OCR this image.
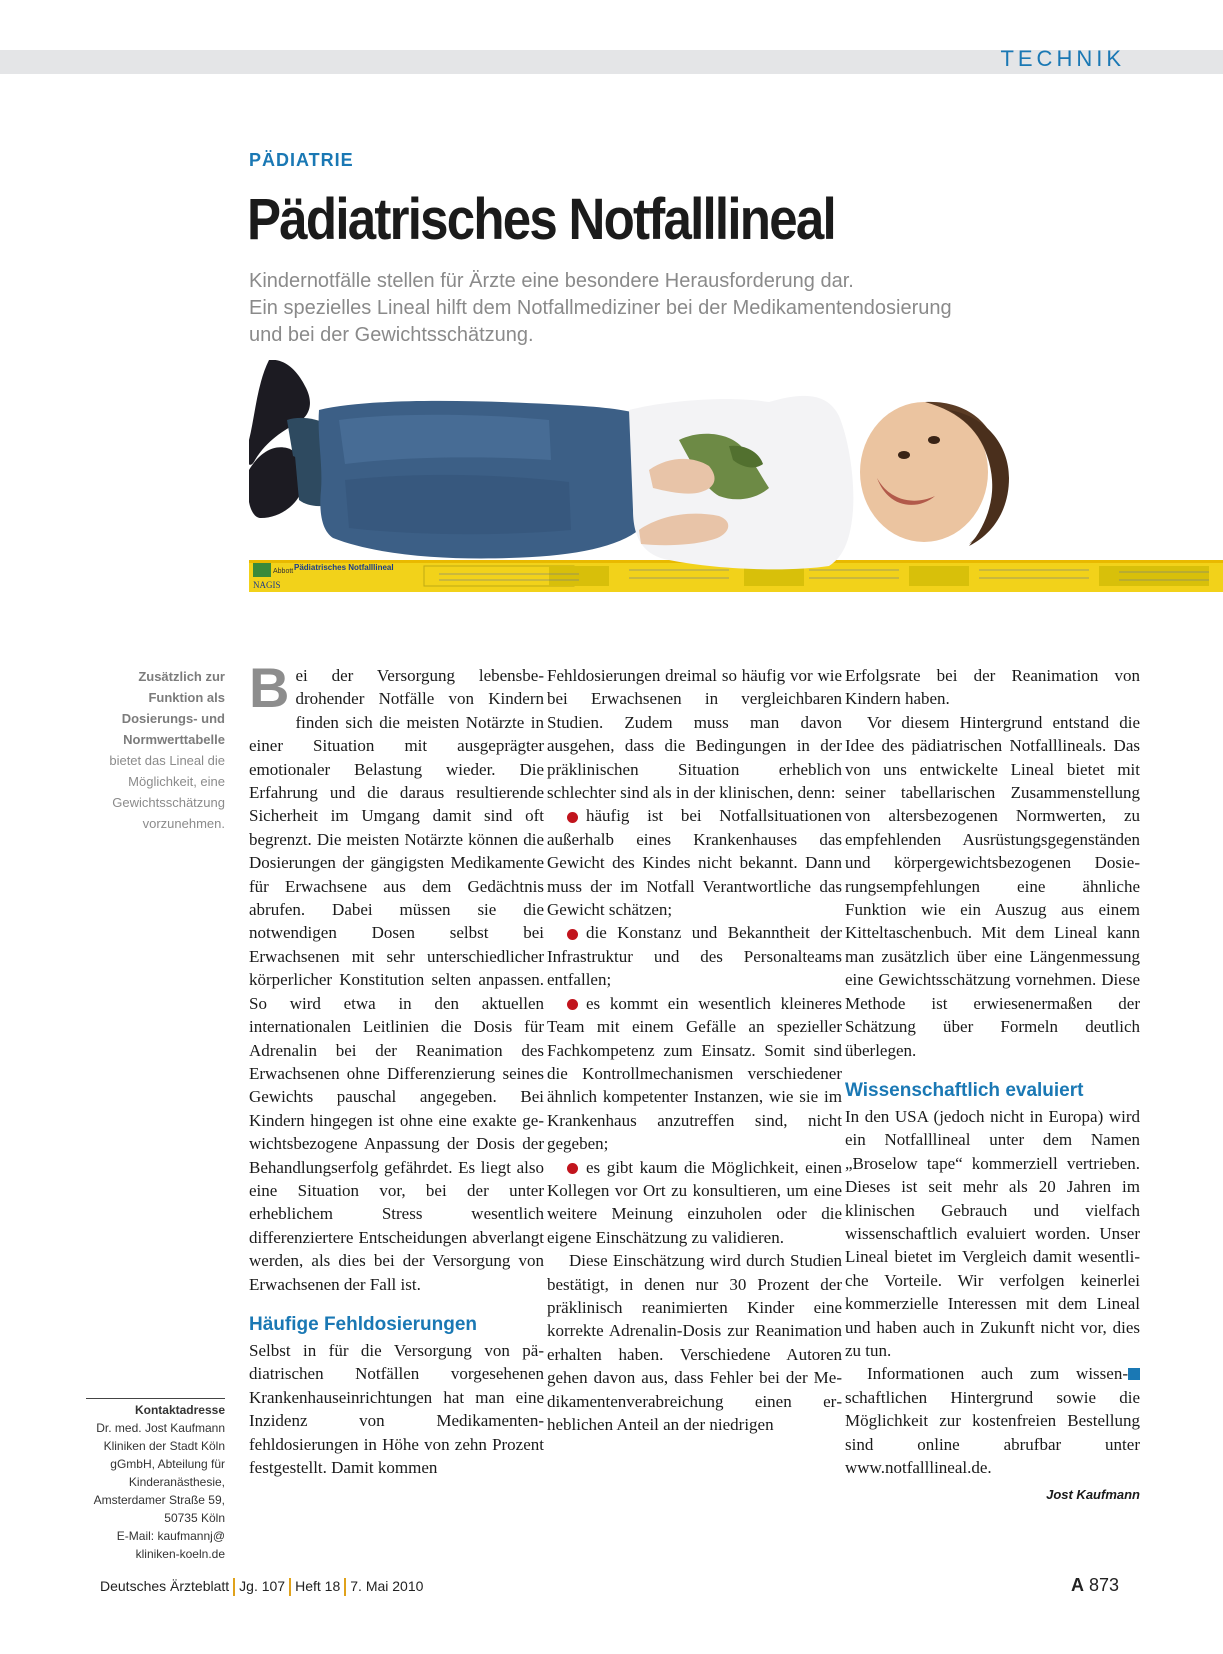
TECHNIK
PÄDIATRIE
Pädiatrisches Notfalllineal
Kindernotfälle stellen für Ärzte eine besondere Herausforderung dar.
Ein spezielles Lineal hilft dem Notfallmediziner bei der Medikamentendosierung
und bei der Gewichtsschätzung.
Abbott Pädiatrisches Notfalllineal
NAGIS
Zusätzlich zur
Funktion als
Dosierungs- und
Normwerttabelle
bietet das Lineal die
Möglichkeit, eine
Gewichtsschätzung
vorzunehmen.
Kontaktadresse
Dr. med. Jost Kaufmann
Kliniken der Stadt Köln
gGmbH, Abteilung für
Kinderanästhesie,
Amsterdamer Straße 59,
50735 Köln
E-Mail: kaufmannj@
kliniken-koeln.de

Bei der Versorgung lebensbedrohender Notfälle von Kindern finden sich die meisten Notärzte in einer Situation mit ausgeprägter emotionaler Belastung wieder. Die Erfahrung und die daraus resultierende Sicherheit im Umgang damit sind oft begrenzt. Die meisten Notärzte können die Dosierungen der gängigsten Medikamente für Erwachsene aus dem Gedächtnis abrufen. Dabei müssen sie die notwendigen Dosen selbst bei Erwachsenen mit sehr unterschiedlicher körperlicher Konstitution selten anpassen. So wird etwa in den aktuellen internationalen Leitlinien die Dosis für Adrenalin bei der Reanimation des Erwachsenen ohne Differenzierung seines Gewichts pauschal angegeben. Bei Kindern hingegen ist ohne eine exakte gewichtsbezogene Anpassung der Dosis der Behandlungserfolg gefährdet. Es liegt also eine Situation vor, bei der unter erheblichem Stress wesentlich differenziertere Entscheidungen abverlangt werden, als dies bei der Versorgung von Erwachsenen der Fall ist.

Häufige Fehldosierungen

Selbst in für die Versorgung von pädiatrischen Notfällen vorgesehenen Krankenhauseinrichtungen hat man eine Inzidenz von Medikamentenfehldosierungen in Höhe von zehn Prozent festgestellt. Damit kommen

Fehldosierungen dreimal so häufig vor wie bei Erwachsenen in vergleichbaren Studien. Zudem muss man davon ausgehen, dass die Bedingungen in der präklinischen Situation erheblich schlechter sind als in der klinischen, denn:

häufig ist bei Notfallsituationen außerhalb eines Krankenhauses das Gewicht des Kindes nicht bekannt. Dann muss der im Notfall Verantwortliche das Gewicht schätzen;

die Konstanz und Bekanntheit der Infrastruktur und des Personalteams entfallen;

es kommt ein wesentlich kleineres Team mit einem Gefälle an spezieller Fachkompetenz zum Einsatz. Somit sind die Kontrollmechanismen verschiedener ähnlich kompetenter Instanzen, wie sie im Krankenhaus anzutreffen sind, nicht gegeben;

es gibt kaum die Möglichkeit, einen Kollegen vor Ort zu konsultieren, um eine weitere Meinung einzuholen oder die eigene Einschätzung zu validieren.

Diese Einschätzung wird durch Studien bestätigt, in denen nur 30 Prozent der präklinisch reanimierten Kinder eine korrekte Adrenalin-Dosis zur Reanimation erhalten haben. Verschiedene Autoren gehen davon aus, dass Fehler bei der Medikamentenverabreichung einen erheblichen Anteil an der niedrigen

Erfolgsrate bei der Reanimation von Kindern haben.

Vor diesem Hintergrund entstand die Idee des pädiatrischen Notfalllineals. Das von uns entwickelte Lineal bietet mit seiner tabellarischen Zusammenstellung von altersbezogenen Normwerten, zu empfehlenden Ausrüstungsgegenständen und körpergewichtsbezogenen Dosierungsempfehlungen eine ähnliche Funktion wie ein Auszug aus einem Kitteltaschenbuch. Mit dem Lineal kann man zusätzlich über eine Längenmessung eine Gewichtsschätzung vornehmen. Diese Methode ist erwiesenermaßen der Schätzung über Formeln deutlich überlegen.

Wissenschaftlich evaluiert

In den USA (jedoch nicht in Europa) wird ein Notfalllineal unter dem Namen „Broselow tape“ kommerziell vertrieben. Dieses ist seit mehr als 20 Jahren im klinischen Gebrauch und vielfach wissenschaftlich evaluiert worden. Unser Lineal bietet im Vergleich damit wesentliche Vorteile. Wir verfolgen keinerlei kommerzielle Interessen mit dem Lineal und haben auch in Zukunft nicht vor, dies zu tun.

Informationen auch zum wissenschaftlichen Hintergrund sowie die Möglichkeit zur kostenfreien Bestellung sind online abrufbar unter www.notfalllineal.de.

Jost Kaufmann
Deutsches Ärzteblatt Jg. 107 Heft 18 7. Mai 2010	A 873
